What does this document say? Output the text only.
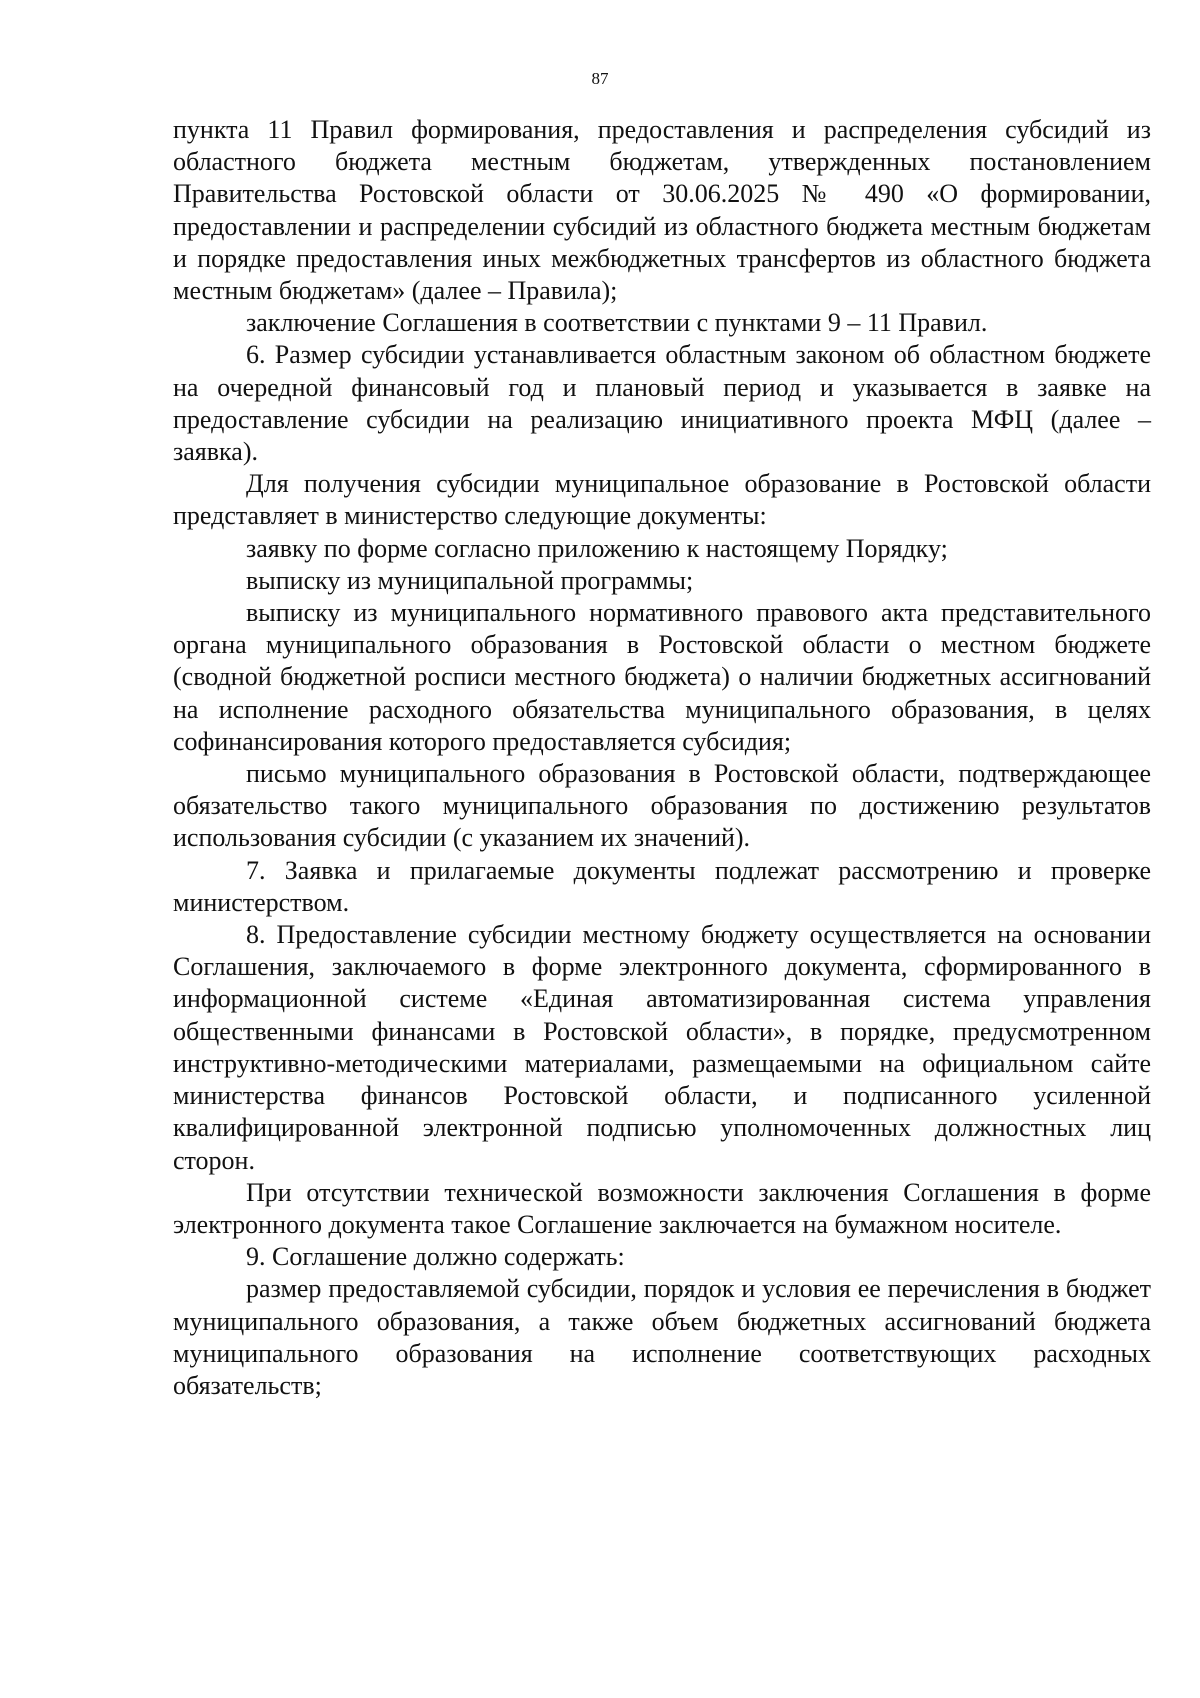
87

пункта 11 Правил формирования, предоставления и распределения субсидий из областного бюджета местным бюджетам, утвержденных постановлением Правительства Ростовской области от 30.06.2025 № 490 «О формировании, предоставлении и распределении субсидий из областного бюджета местным бюджетам и порядке предоставления иных межбюджетных трансфертов из областного бюджета местным бюджетам» (далее – Правила);

заключение Соглашения в соответствии с пунктами 9 – 11 Правил.

6. Размер субсидии устанавливается областным законом об областном бюджете на очередной финансовый год и плановый период и указывается в заявке на предоставление субсидии на реализацию инициативного проекта МФЦ (далее – заявка).

Для получения субсидии муниципальное образование в Ростовской области представляет в министерство следующие документы:

заявку по форме согласно приложению к настоящему Порядку;

выписку из муниципальной программы;

выписку из муниципального нормативного правового акта представительного органа муниципального образования в Ростовской области о местном бюджете (сводной бюджетной росписи местного бюджета) о наличии бюджетных ассигнований на исполнение расходного обязательства муниципального образования, в целях софинансирования которого предоставляется субсидия;

письмо муниципального образования в Ростовской области, подтверждающее обязательство такого муниципального образования по достижению результатов использования субсидии (с указанием их значений).

7. Заявка и прилагаемые документы подлежат рассмотрению и проверке министерством.

8. Предоставление субсидии местному бюджету осуществляется на основании Соглашения, заключаемого в форме электронного документа, сформированного в информационной системе «Единая автоматизированная система управления общественными финансами в Ростовской области», в порядке, предусмотренном инструктивно-методическими материалами, размещаемыми на официальном сайте министерства финансов Ростовской области, и подписанного усиленной квалифицированной электронной подписью уполномоченных должностных лиц сторон.

При отсутствии технической возможности заключения Соглашения в форме электронного документа такое Соглашение заключается на бумажном носителе.

9. Соглашение должно содержать:

размер предоставляемой субсидии, порядок и условия ее перечисления в бюджет муниципального образования, а также объем бюджетных ассигнований бюджета муниципального образования на исполнение соответствующих расходных обязательств;
